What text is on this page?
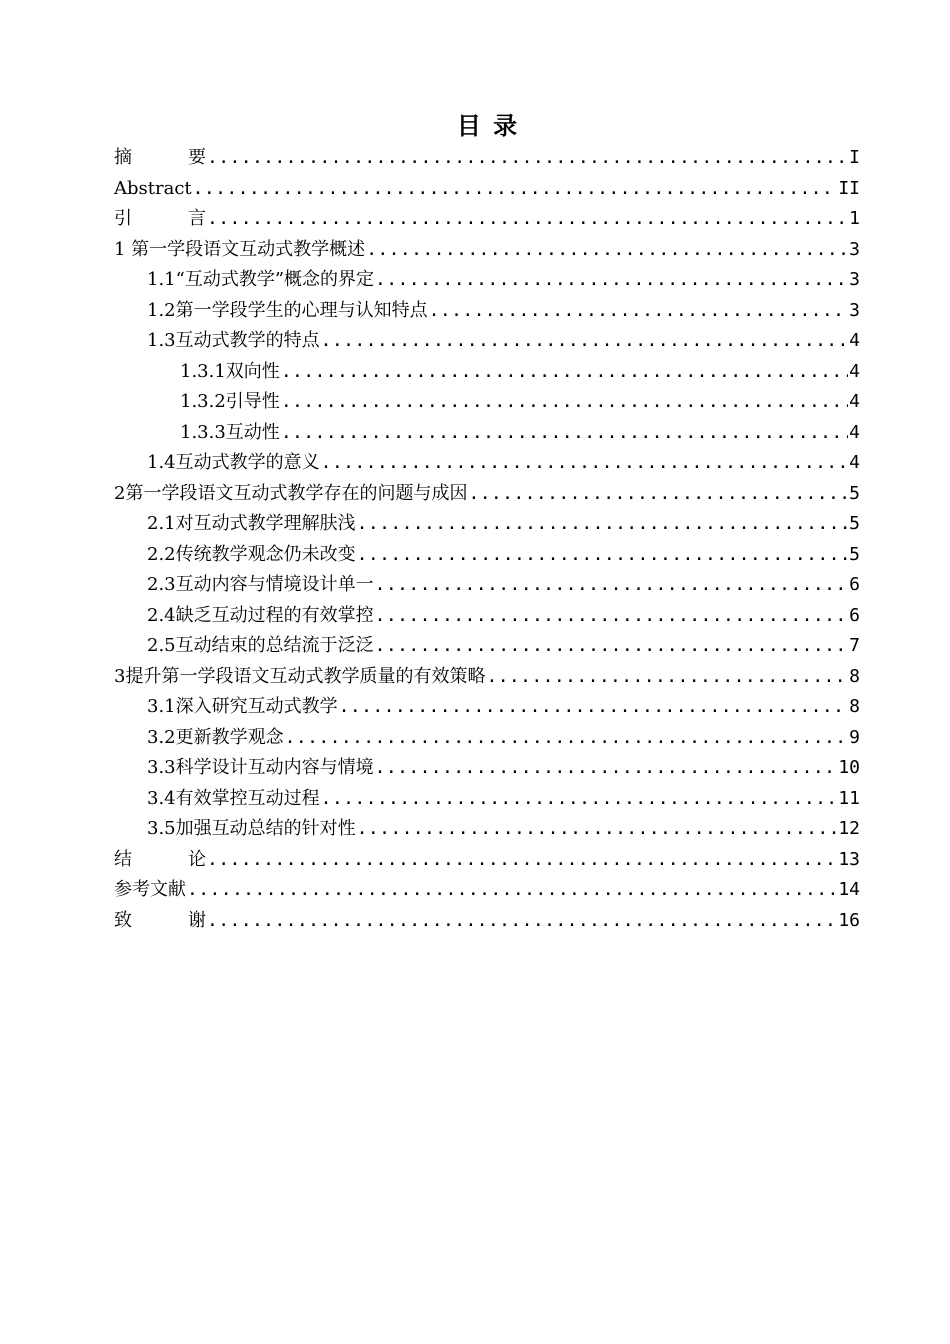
目 录
摘	要 .....	I
Abstract .....	II
引	言 .....	1
1 第一学段语文互动式教学概述 .....	3
1.1“互动式教学”概念的界定 .....	3
1.2第一学段学生的心理与认知特点 .....	3
1.3互动式教学的特点 .....	4
1.3.1双向性 .....	4
1.3.2引导性 .....	4
1.3.3互动性 .....	4
1.4互动式教学的意义 .....	4
2第一学段语文互动式教学存在的问题与成因 .....	5
2.1对互动式教学理解肤浅 .....	5
2.2传统教学观念仍未改变 .....	5
2.3互动内容与情境设计单一 .....	6
2.4缺乏互动过程的有效掌控 .....	6
2.5互动结束的总结流于泛泛 .....	7
3提升第一学段语文互动式教学质量的有效策略 .....	8
3.1深入研究互动式教学 .....	8
3.2更新教学观念 .....	9
3.3科学设计互动内容与情境 .....	10
3.4有效掌控互动过程 .....	11
3.5加强互动总结的针对性 .....	12
结	论 .....	13
参考文献 .....	14
致	谢 .....	16
